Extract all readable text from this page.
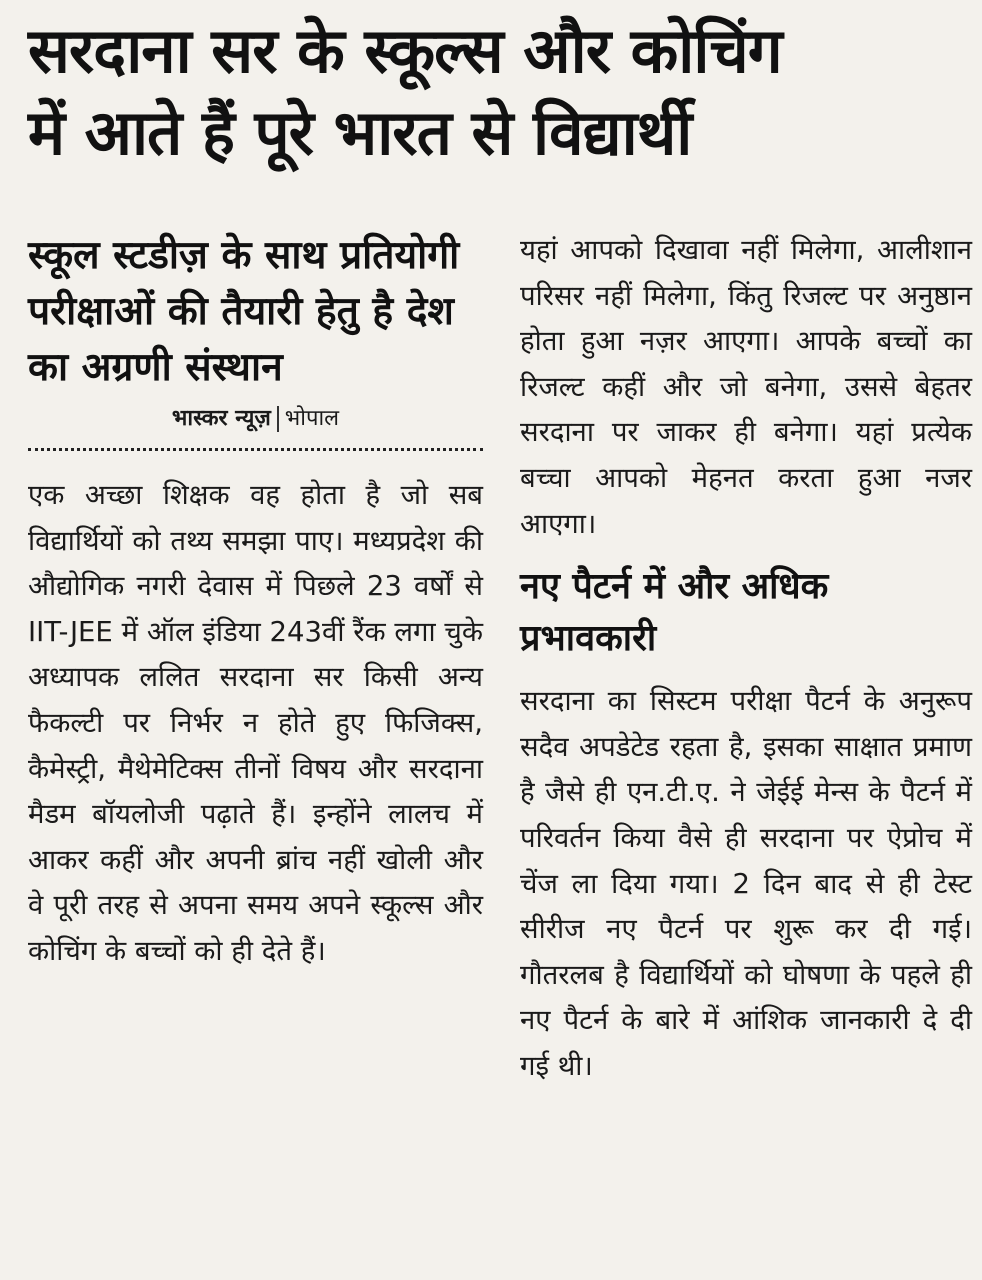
सरदाना सर के स्कूल्स और कोचिंग
में आते हैं पूरे भारत से विद्यार्थी
स्कूल स्टडीज़ के साथ प्रतियोगी परीक्षाओं की तैयारी हेतु है देश का अग्रणी संस्थान
भास्कर न्यूज़ भोपाल

एक अच्छा शिक्षक वह होता है जो सब विद्यार्थियों को तथ्य समझा पाए। मध्यप्रदेश की औद्योगिक नगरी देवास में पिछले 23 वर्षों से IIT-JEE में ऑल इंडिया 243वीं रैंक लगा चुके अध्यापक ललित सरदाना सर किसी अन्य फैकल्टी पर निर्भर न होते हुए फिजिक्स, कैमेस्ट्री, मैथेमेटिक्स तीनों विषय और सरदाना मैडम बॉयलोजी पढ़ाते हैं। इन्होंने लालच में आकर कहीं और अपनी ब्रांच नहीं खोली और वे पूरी तरह से अपना समय अपने स्कूल्स और कोचिंग के बच्चों को ही देते हैं।

यहां आपको दिखावा नहीं मिलेगा, आलीशान परिसर नहीं मिलेगा, किंतु रिजल्ट पर अनुष्ठान होता हुआ नज़र आएगा। आपके बच्चों का रिजल्ट कहीं और जो बनेगा, उससे बेहतर सरदाना पर जाकर ही बनेगा। यहां प्रत्येक बच्चा आपको मेहनत करता हुआ नजर आएगा।

नए पैटर्न में और अधिक प्रभावकारी

सरदाना का सिस्टम परीक्षा पैटर्न के अनुरूप सदैव अपडेटेड रहता है, इसका साक्षात प्रमाण है जैसे ही एन.टी.ए. ने जेईई मेन्स के पैटर्न में परिवर्तन किया वैसे ही सरदाना पर ऐप्रोच में चेंज ला दिया गया। 2 दिन बाद से ही टेस्ट सीरीज नए पैटर्न पर शुरू कर दी गई। गौतरलब है विद्यार्थियों को घोषणा के पहले ही नए पैटर्न के बारे में आंशिक जानकारी दे दी गई थी।
